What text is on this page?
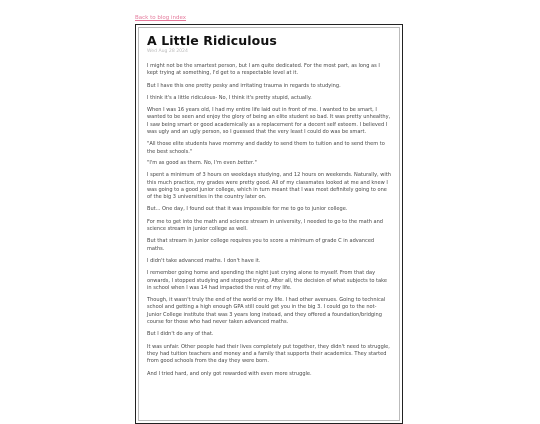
Back to blog index
A Little Ridiculous
Wed Aug 28 2024

I might not be the smartest person, but I am quite dedicated. For the most part, as long as I kept trying at something, I'd get to a respectable level at it.

But I have this one pretty pesky and irritating trauma in regards to studying.

I think it's a little ridiculous- No, I think it's pretty stupid, actually.

When I was 16 years old, I had my entire life laid out in front of me. I wanted to be smart, I wanted to be seen and enjoy the glory of being an elite student so bad. It was pretty unhealthy, I saw being smart or good academically as a replacement for a decent self esteem. I believed I was ugly and an ugly person, so I guessed that the very least I could do was be smart.

"All those elite students have mommy and daddy to send them to tuition and to send them to the best schools."

"I'm as good as them. No, I'm even better."

I spent a minimum of 3 hours on weekdays studying, and 12 hours on weekends. Naturally, with this much practice, my grades were pretty good. All of my classmates looked at me and knew I was going to a good junior college, which in turn meant that I was most definitely going to one of the big 3 universities in the country later on.

But... One day, I found out that it was impossible for me to go to junior college.

For me to get into the math and science stream in university, I needed to go to the math and science stream in junior college as well.

But that stream in junior college requires you to score a minimum of grade C in advanced maths.

I didn't take advanced maths. I don't have it.

I remember going home and spending the night just crying alone to myself. From that day onwards, I stopped studying and stopped trying. After all, the decision of what subjects to take in school when I was 14 had impacted the rest of my life.

Though, it wasn't truly the end of the world or my life. I had other avenues. Going to technical school and getting a high enough GPA still could get you in the big 3. I could go to the not-Junior College institute that was 3 years long instead, and they offered a foundation/bridging course for those who had never taken advanced maths.

But I didn't do any of that.

It was unfair. Other people had their lives completely put together, they didn't need to struggle, they had tuition teachers and money and a family that supports their academics. They started from good schools from the day they were born.

And I tried hard, and only got rewarded with even more struggle.
